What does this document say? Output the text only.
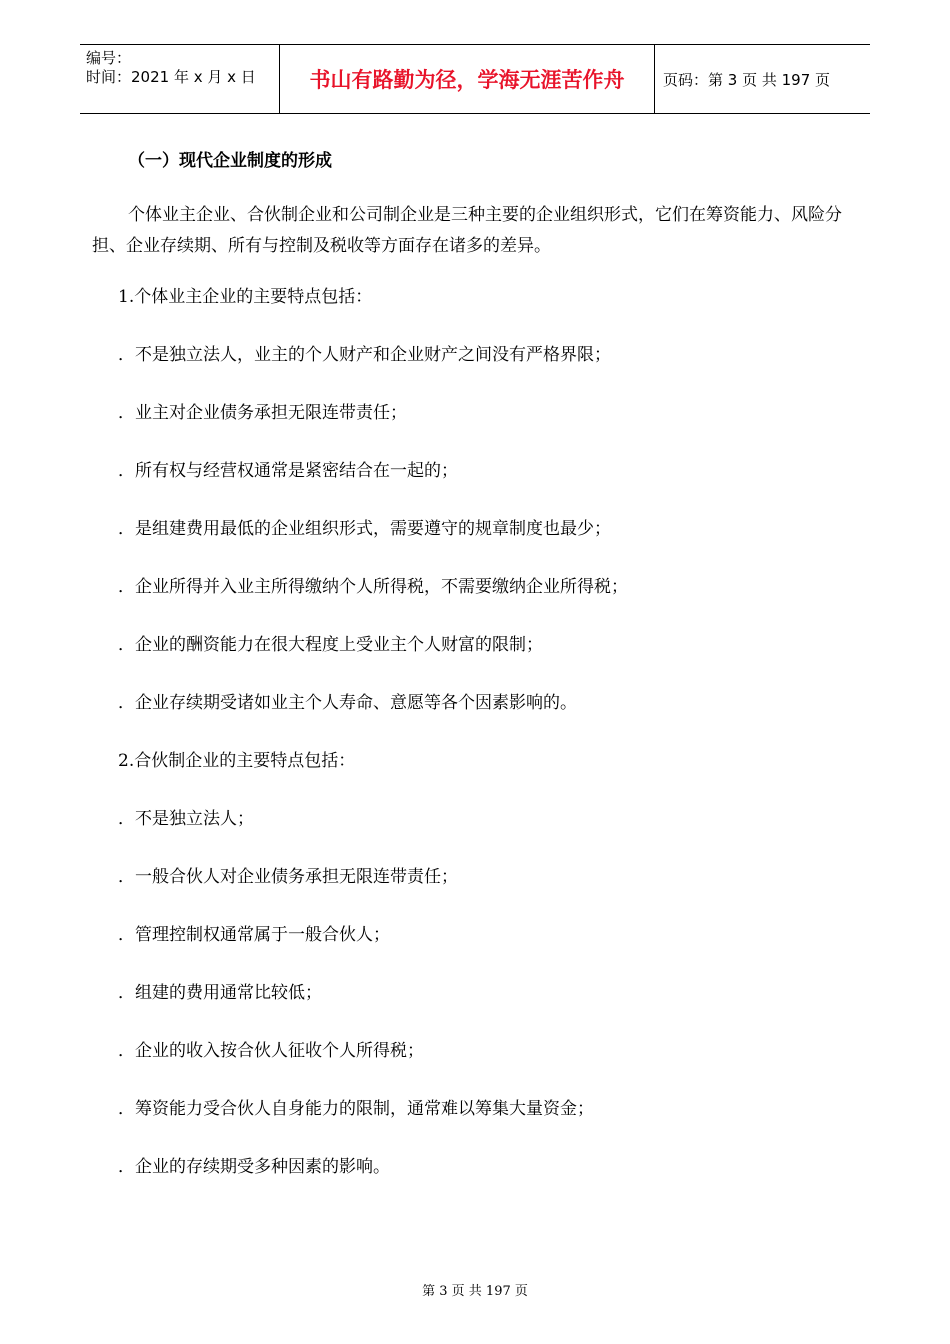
编号：
时间：2021 年 x 月 x 日	书山有路勤为径，学海无涯苦作舟	页码：第 3 页 共 197 页
（一）现代企业制度的形成
个体业主企业、合伙制企业和公司制企业是三种主要的企业组织形式，它们在筹资能力、风险分担、企业存续期、所有与控制及税收等方面存在诸多的差异。
1.个体业主企业的主要特点包括：
．不是独立法人，业主的个人财产和企业财产之间没有严格界限；
．业主对企业债务承担无限连带责任；
．所有权与经营权通常是紧密结合在一起的；
．是组建费用最低的企业组织形式，需要遵守的规章制度也最少；
．企业所得并入业主所得缴纳个人所得税，不需要缴纳企业所得税；
．企业的酬资能力在很大程度上受业主个人财富的限制；
．企业存续期受诸如业主个人寿命、意愿等各个因素影响的。
2.合伙制企业的主要特点包括：
．不是独立法人；
．一般合伙人对企业债务承担无限连带责任；
．管理控制权通常属于一般合伙人；
．组建的费用通常比较低；
．企业的收入按合伙人征收个人所得税；
．筹资能力受合伙人自身能力的限制，通常难以筹集大量资金；
．企业的存续期受多种因素的影响。
第 3 页 共 197 页
